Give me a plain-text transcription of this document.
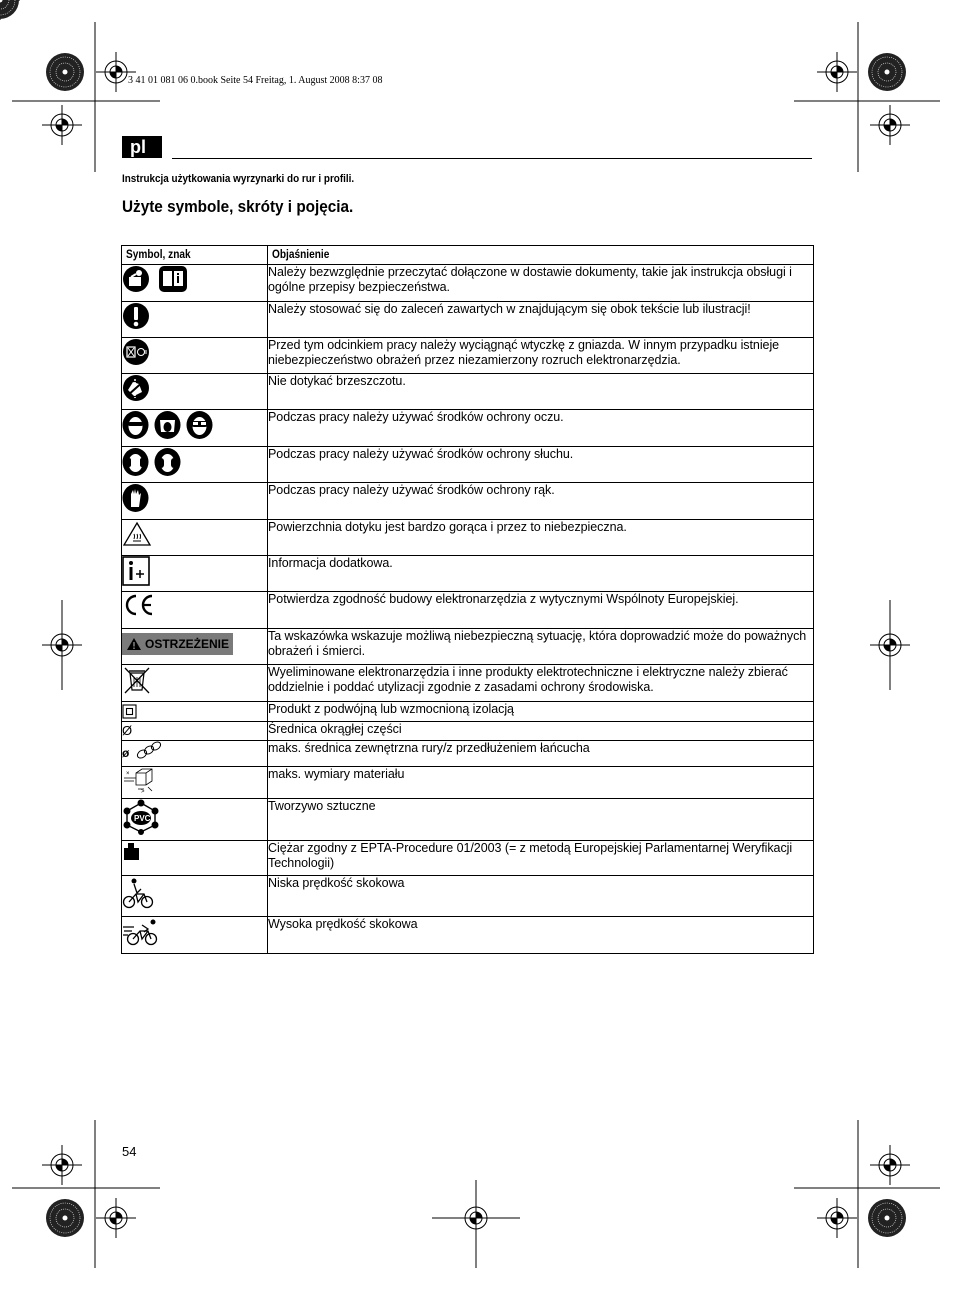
3 41 01 081 06 0.book Seite 54 Freitag, 1. August 2008 8:37 08
pl
Instrukcja użytkowania wyrzynarki do rur i profili.
Użyte symbole, skróty i pojęcia.
Symbol, znak	Objaśnienie

	Należy bezwzględnie przeczytać dołączone w dostawie dokumenty, takie jak instrukcja obsługi i ogólne przepisy bezpieczeństwa.

	Należy stosować się do zaleceń zawartych w znajdującym się obok tekście lub ilustracji!

	Przed tym odcinkiem pracy należy wyciągnąć wtyczkę z gniazda. W innym przypadku istnieje niebezpieczeństwo obrażeń przez niezamierzony rozruch elektronarzędzia.

	Nie dotykać brzeszczotu.

	Podczas pracy należy używać środków ochrony oczu.

	Podczas pracy należy używać środków ochrony słuchu.

	Podczas pracy należy używać środków ochrony rąk.

	Powierzchnia dotyku jest bardzo gorąca i przez to niebezpieczna.

	Informacja dodatkowa.

	Potwierdza zgodność budowy elektronarzędzia z wytycznymi Wspólnoty Europejskiej.

OSTRZEŻENIE	Ta wskazówka wskazuje możliwą niebezpieczną sytuację, która doprowadzić może do poważnych obrażeń i śmierci.

	Wyeliminowane elektronarzędzia i inne produkty elektrotechniczne i elektryczne należy zbierać oddzielnie i poddać utylizacji zgodnie z zasadami ochrony środowiska.

	Produkt z podwójną lub wzmocnioną izolacją
Ø	Średnica okrągłej części

ø	maks. średnica zewnętrzna rury/z przedłużeniem łańcucha

×
>	maks. wymiary materiału

PVC	Tworzywo sztuczne

	Ciężar zgodny z EPTA-Procedure 01/2003 (= z metodą Europejskiej Parlamentarnej Weryfikacji Technologii)

	Niska prędkość skokowa

	Wysoka prędkość skokowa
54
